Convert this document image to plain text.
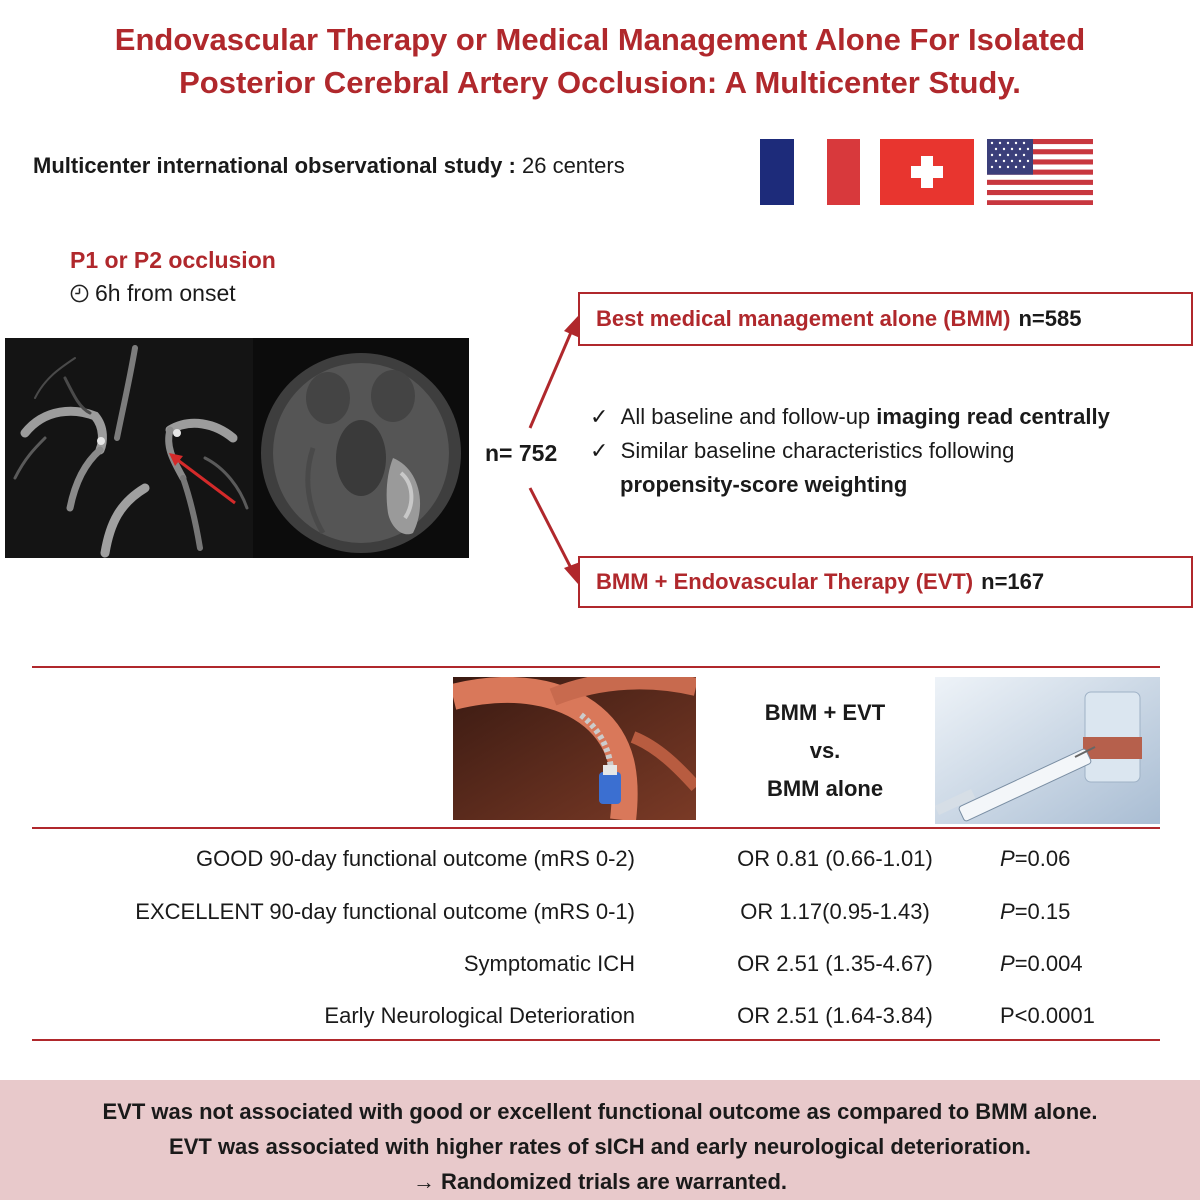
Endovascular Therapy or Medical Management Alone For Isolated
Posterior Cerebral Artery Occlusion: A Multicenter Study.
Multicenter international observational study : 26 centers
P1 or P2 occlusion
6h from onset
n= 752
Best medical management alone (BMM) n=585
BMM + Endovascular Therapy (EVT) n=167
✓  All baseline and follow-up imaging read centrally
✓  Similar baseline characteristics following
propensity-score weighting
BMM + EVT
vs.
BMM alone
GOOD 90-day functional outcome (mRS 0-2)	OR 0.81 (0.66-1.01)	P=0.06
EXCELLENT 90-day functional outcome (mRS 0-1)	OR 1.17(0.95-1.43)	P=0.15
Symptomatic ICH	OR 2.51 (1.35-4.67)	P=0.004
Early Neurological Deterioration	OR 2.51 (1.64-3.84)	P<0.0001
EVT was not associated with good or excellent functional outcome as compared to BMM alone.
EVT was associated with higher rates of sICH and early neurological deterioration.
→ Randomized trials are warranted.
